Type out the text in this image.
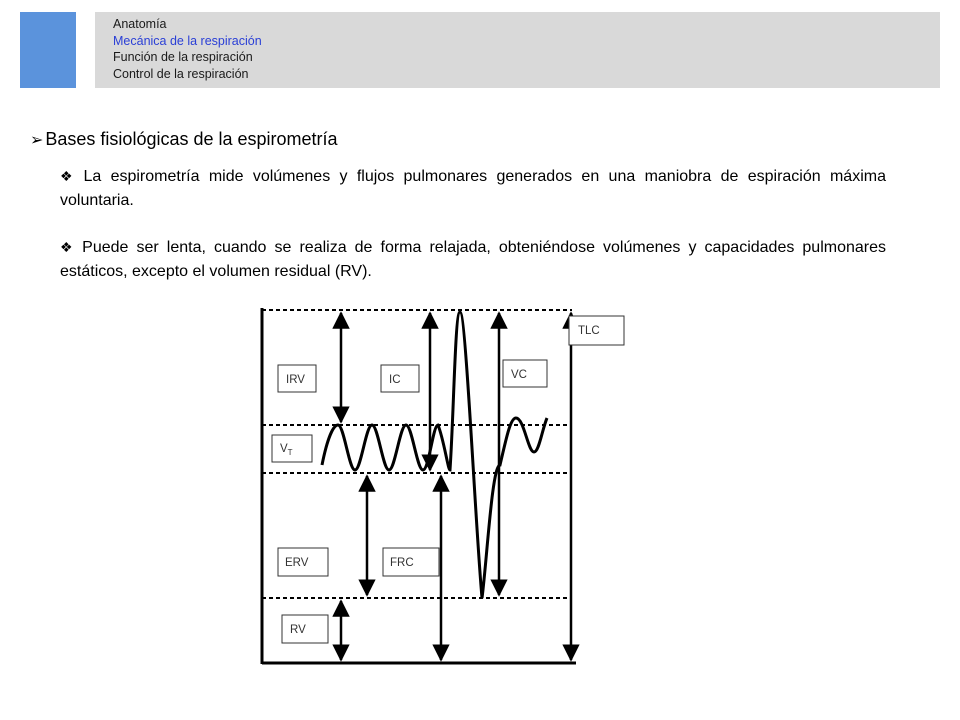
Anatomía
Mecánica de la respiración
Función de la respiración
Control de la respiración
➢ Bases fisiológicas de la espirometría
❖ La espirometría mide volúmenes y flujos pulmonares generados en una maniobra de espiración máxima voluntaria.
❖ Puede ser lenta, cuando se realiza de forma relajada, obteniéndose volúmenes y capacidades pulmonares estáticos, excepto el volumen residual (RV).
IRV	IC	VC
TLC
$V_T$
ERV	FRC
RV
